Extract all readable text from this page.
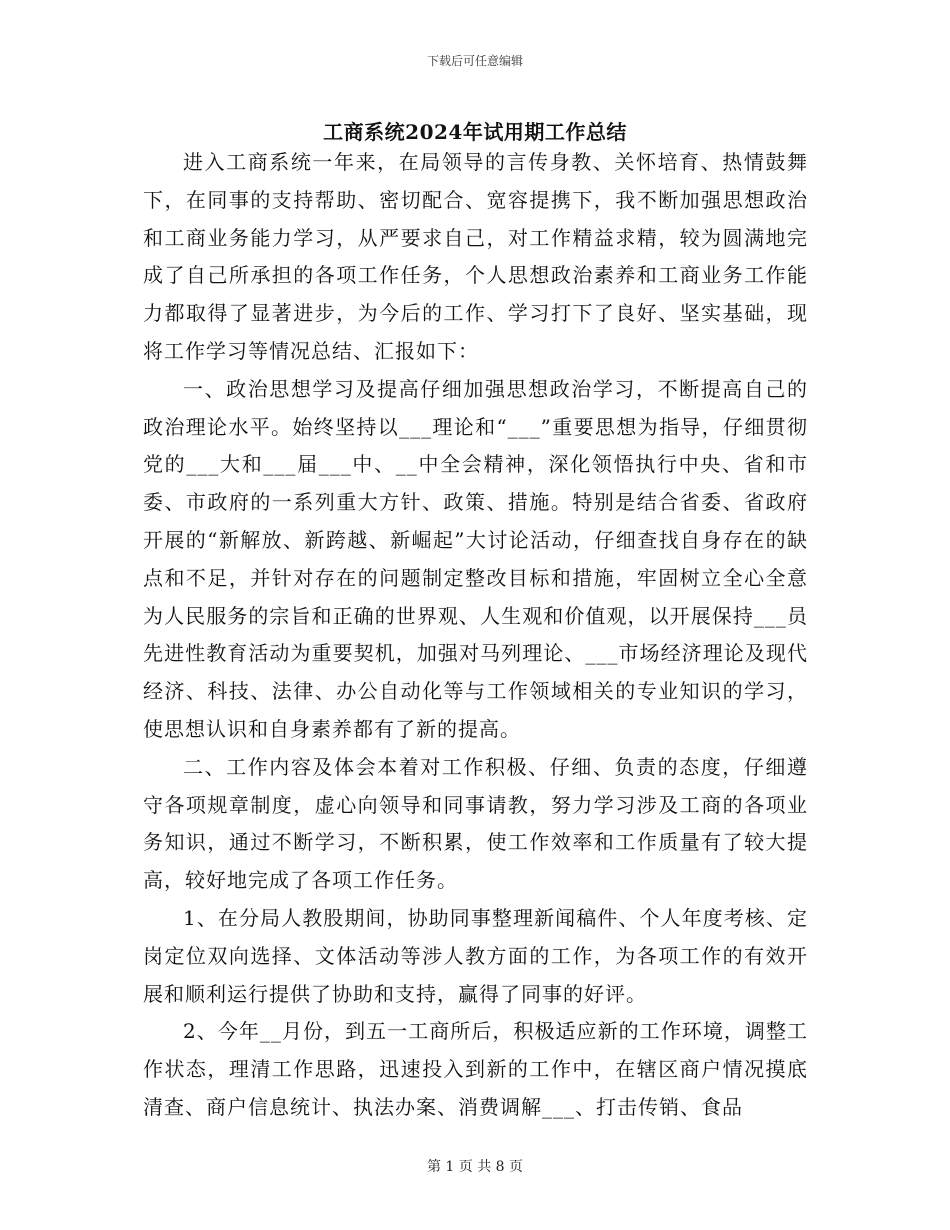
下载后可任意编辑
工商系统2024年试用期工作总结

进入工商系统一年来，在局领导的言传身教、关怀培育、热情鼓舞下，在同事的支持帮助、密切配合、宽容提携下，我不断加强思想政治和工商业务能力学习，从严要求自己，对工作精益求精，较为圆满地完成了自己所承担的各项工作任务，个人思想政治素养和工商业务工作能力都取得了显著进步，为今后的工作、学习打下了良好、坚实基础，现将工作学习等情况总结、汇报如下：

一、政治思想学习及提高仔细加强思想政治学习，不断提高自己的政治理论水平。始终坚持以___理论和“___”重要思想为指导，仔细贯彻党的___大和___届___中、__中全会精神，深化领悟执行中央、省和市委、市政府的一系列重大方针、政策、措施。特别是结合省委、省政府开展的“新解放、新跨越、新崛起”大讨论活动，仔细查找自身存在的缺点和不足，并针对存在的问题制定整改目标和措施，牢固树立全心全意为人民服务的宗旨和正确的世界观、人生观和价值观，以开展保持___员先进性教育活动为重要契机，加强对马列理论、___市场经济理论及现代经济、科技、法律、办公自动化等与工作领域相关的专业知识的学习，使思想认识和自身素养都有了新的提高。

二、工作内容及体会本着对工作积极、仔细、负责的态度，仔细遵守各项规章制度，虚心向领导和同事请教，努力学习涉及工商的各项业务知识，通过不断学习，不断积累，使工作效率和工作质量有了较大提高，较好地完成了各项工作任务。

1、在分局人教股期间，协助同事整理新闻稿件、个人年度考核、定岗定位双向选择、文体活动等涉人教方面的工作，为各项工作的有效开展和顺利运行提供了协助和支持，赢得了同事的好评。

2、今年__月份，到五一工商所后，积极适应新的工作环境，调整工作状态，理清工作思路，迅速投入到新的工作中，在辖区商户情况摸底清查、商户信息统计、执法办案、消费调解___、打击传销、食品

第 1 页 共 8 页
